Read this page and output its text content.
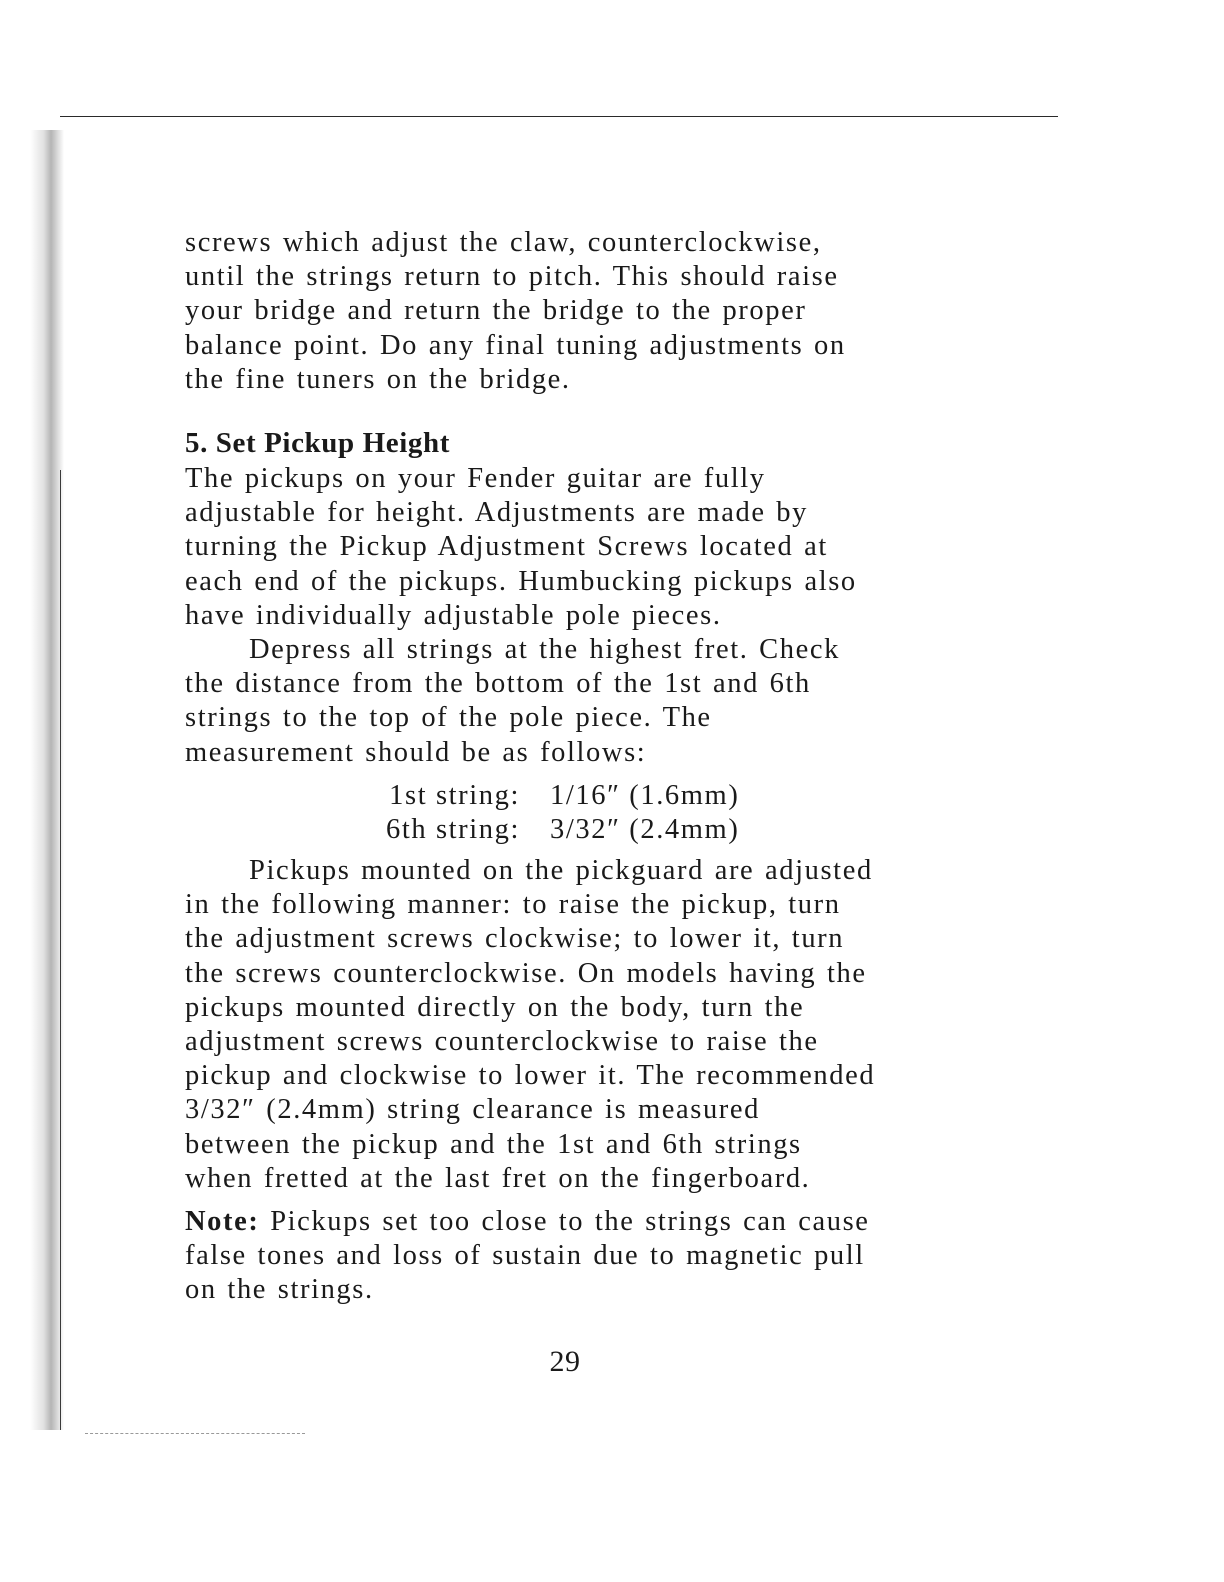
screws which adjust the claw, counterclockwise,
until the strings return to pitch. This should raise
your bridge and return the bridge to the proper
balance point. Do any final tuning adjustments on
the fine tuners on the bridge.
5. Set Pickup Height
The pickups on your Fender guitar are fully
adjustable for height. Adjustments are made by
turning the Pickup Adjustment Screws located at
each end of the pickups. Humbucking pickups also
have individually adjustable pole pieces.
Depress all strings at the highest fret. Check
the distance from the bottom of the 1st and 6th
strings to the top of the pole piece. The
measurement should be as follows:
1st string: 1/16″ (1.6mm)
6th string: 3/32″ (2.4mm)
Pickups mounted on the pickguard are adjusted
in the following manner: to raise the pickup, turn
the adjustment screws clockwise; to lower it, turn
the screws counterclockwise. On models having the
pickups mounted directly on the body, turn the
adjustment screws counterclockwise to raise the
pickup and clockwise to lower it. The recommended
3/32″ (2.4mm) string clearance is measured
between the pickup and the 1st and 6th strings
when fretted at the last fret on the fingerboard.
Note: Pickups set too close to the strings can cause
false tones and loss of sustain due to magnetic pull
on the strings.
29
